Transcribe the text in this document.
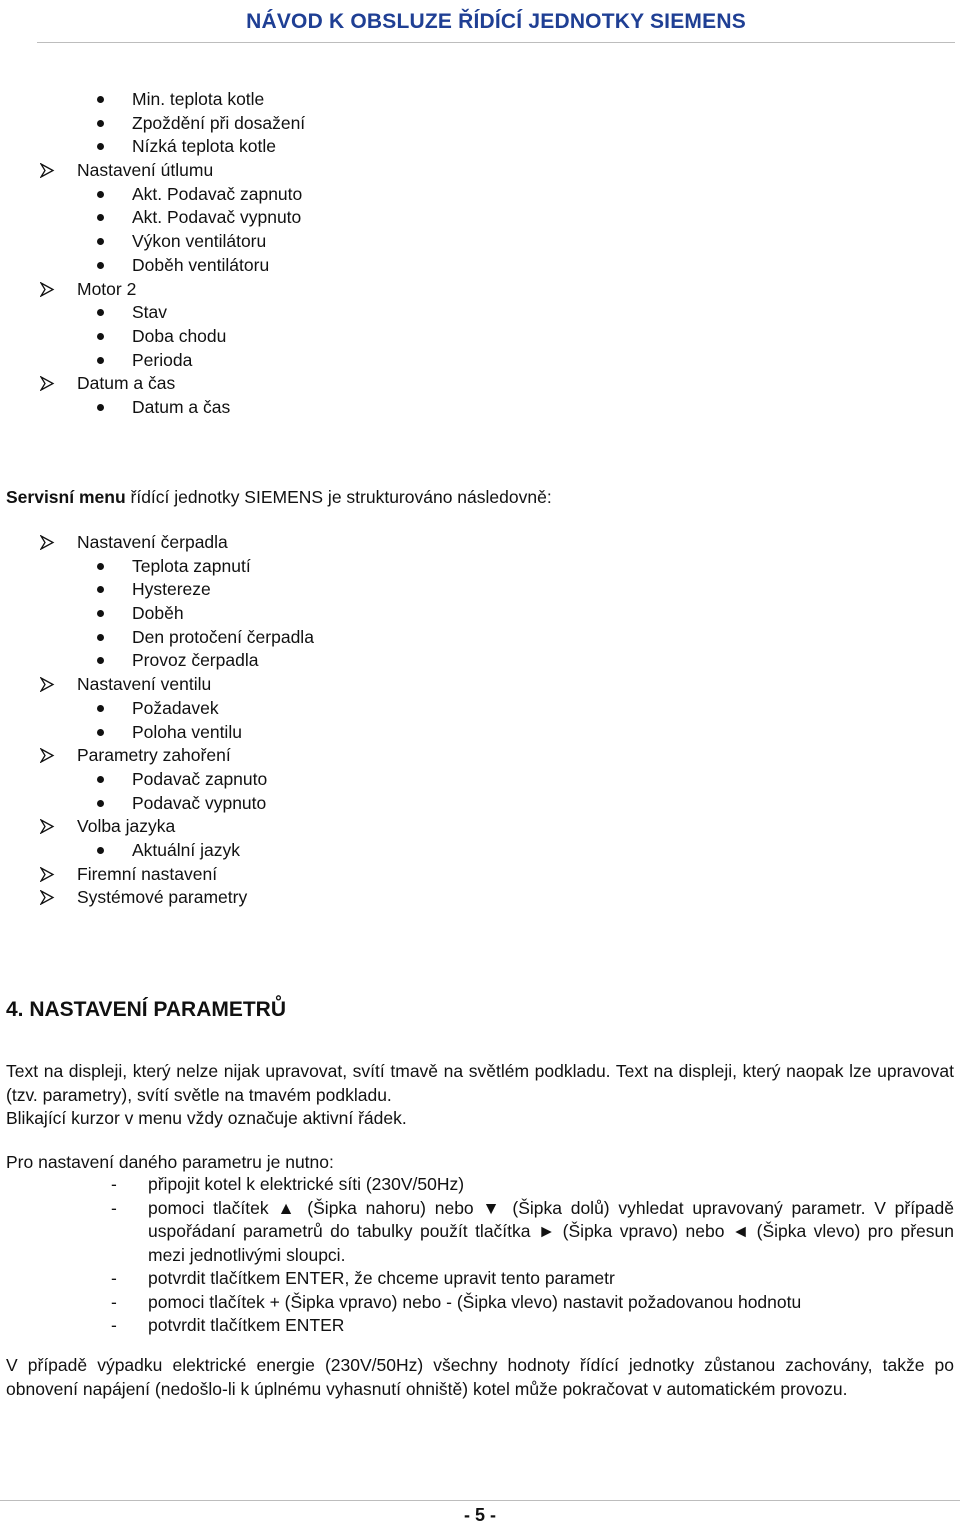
NÁVOD K OBSLUZE ŘÍDÍCÍ JEDNOTKY SIEMENS
Min. teplota kotle
Zpoždění při dosažení
Nízká teplota kotle
Nastavení útlumu
Akt. Podavač zapnuto
Akt. Podavač vypnuto
Výkon ventilátoru
Doběh ventilátoru
Motor 2
Stav
Doba chodu
Perioda
Datum a čas
Datum a čas
Servisní menu řídící jednotky SIEMENS je strukturováno následovně:
Nastavení čerpadla
Teplota zapnutí
Hystereze
Doběh
Den protočení čerpadla
Provoz čerpadla
Nastavení ventilu
Požadavek
Poloha ventilu
Parametry zahoření
Podavač zapnuto
Podavač vypnuto
Volba jazyka
Aktuální jazyk
Firemní nastavení
Systémové parametry
4. NASTAVENÍ PARAMETRŮ

Text na displeji, který nelze nijak upravovat, svítí tmavě na světlém podkladu. Text na displeji, který naopak lze upravovat (tzv. parametry), svítí světle na tmavém podkladu.

Blikající kurzor v menu vždy označuje aktivní řádek.

Pro nastavení daného parametru je nutno:
- připojit kotel k elektrické síti (230V/50Hz)
- pomoci tlačítek ▲ (Šipka nahoru) nebo ▼ (Šipka dolů) vyhledat upravovaný parametr. V případě uspořádaní parametrů do tabulky použít tlačítka ► (Šipka vpravo) nebo ◄ (Šipka vlevo) pro přesun mezi jednotlivými sloupci.
- potvrdit tlačítkem ENTER, že chceme upravit tento parametr
- pomoci tlačítek + (Šipka vpravo) nebo - (Šipka vlevo) nastavit požadovanou hodnotu
- potvrdit tlačítkem ENTER
V případě výpadku elektrické energie (230V/50Hz) všechny hodnoty řídící jednotky zůstanou zachovány, takže po obnovení napájení (nedošlo-li k úplnému vyhasnutí ohniště) kotel může pokračovat v automatickém provozu.
- 5 -
